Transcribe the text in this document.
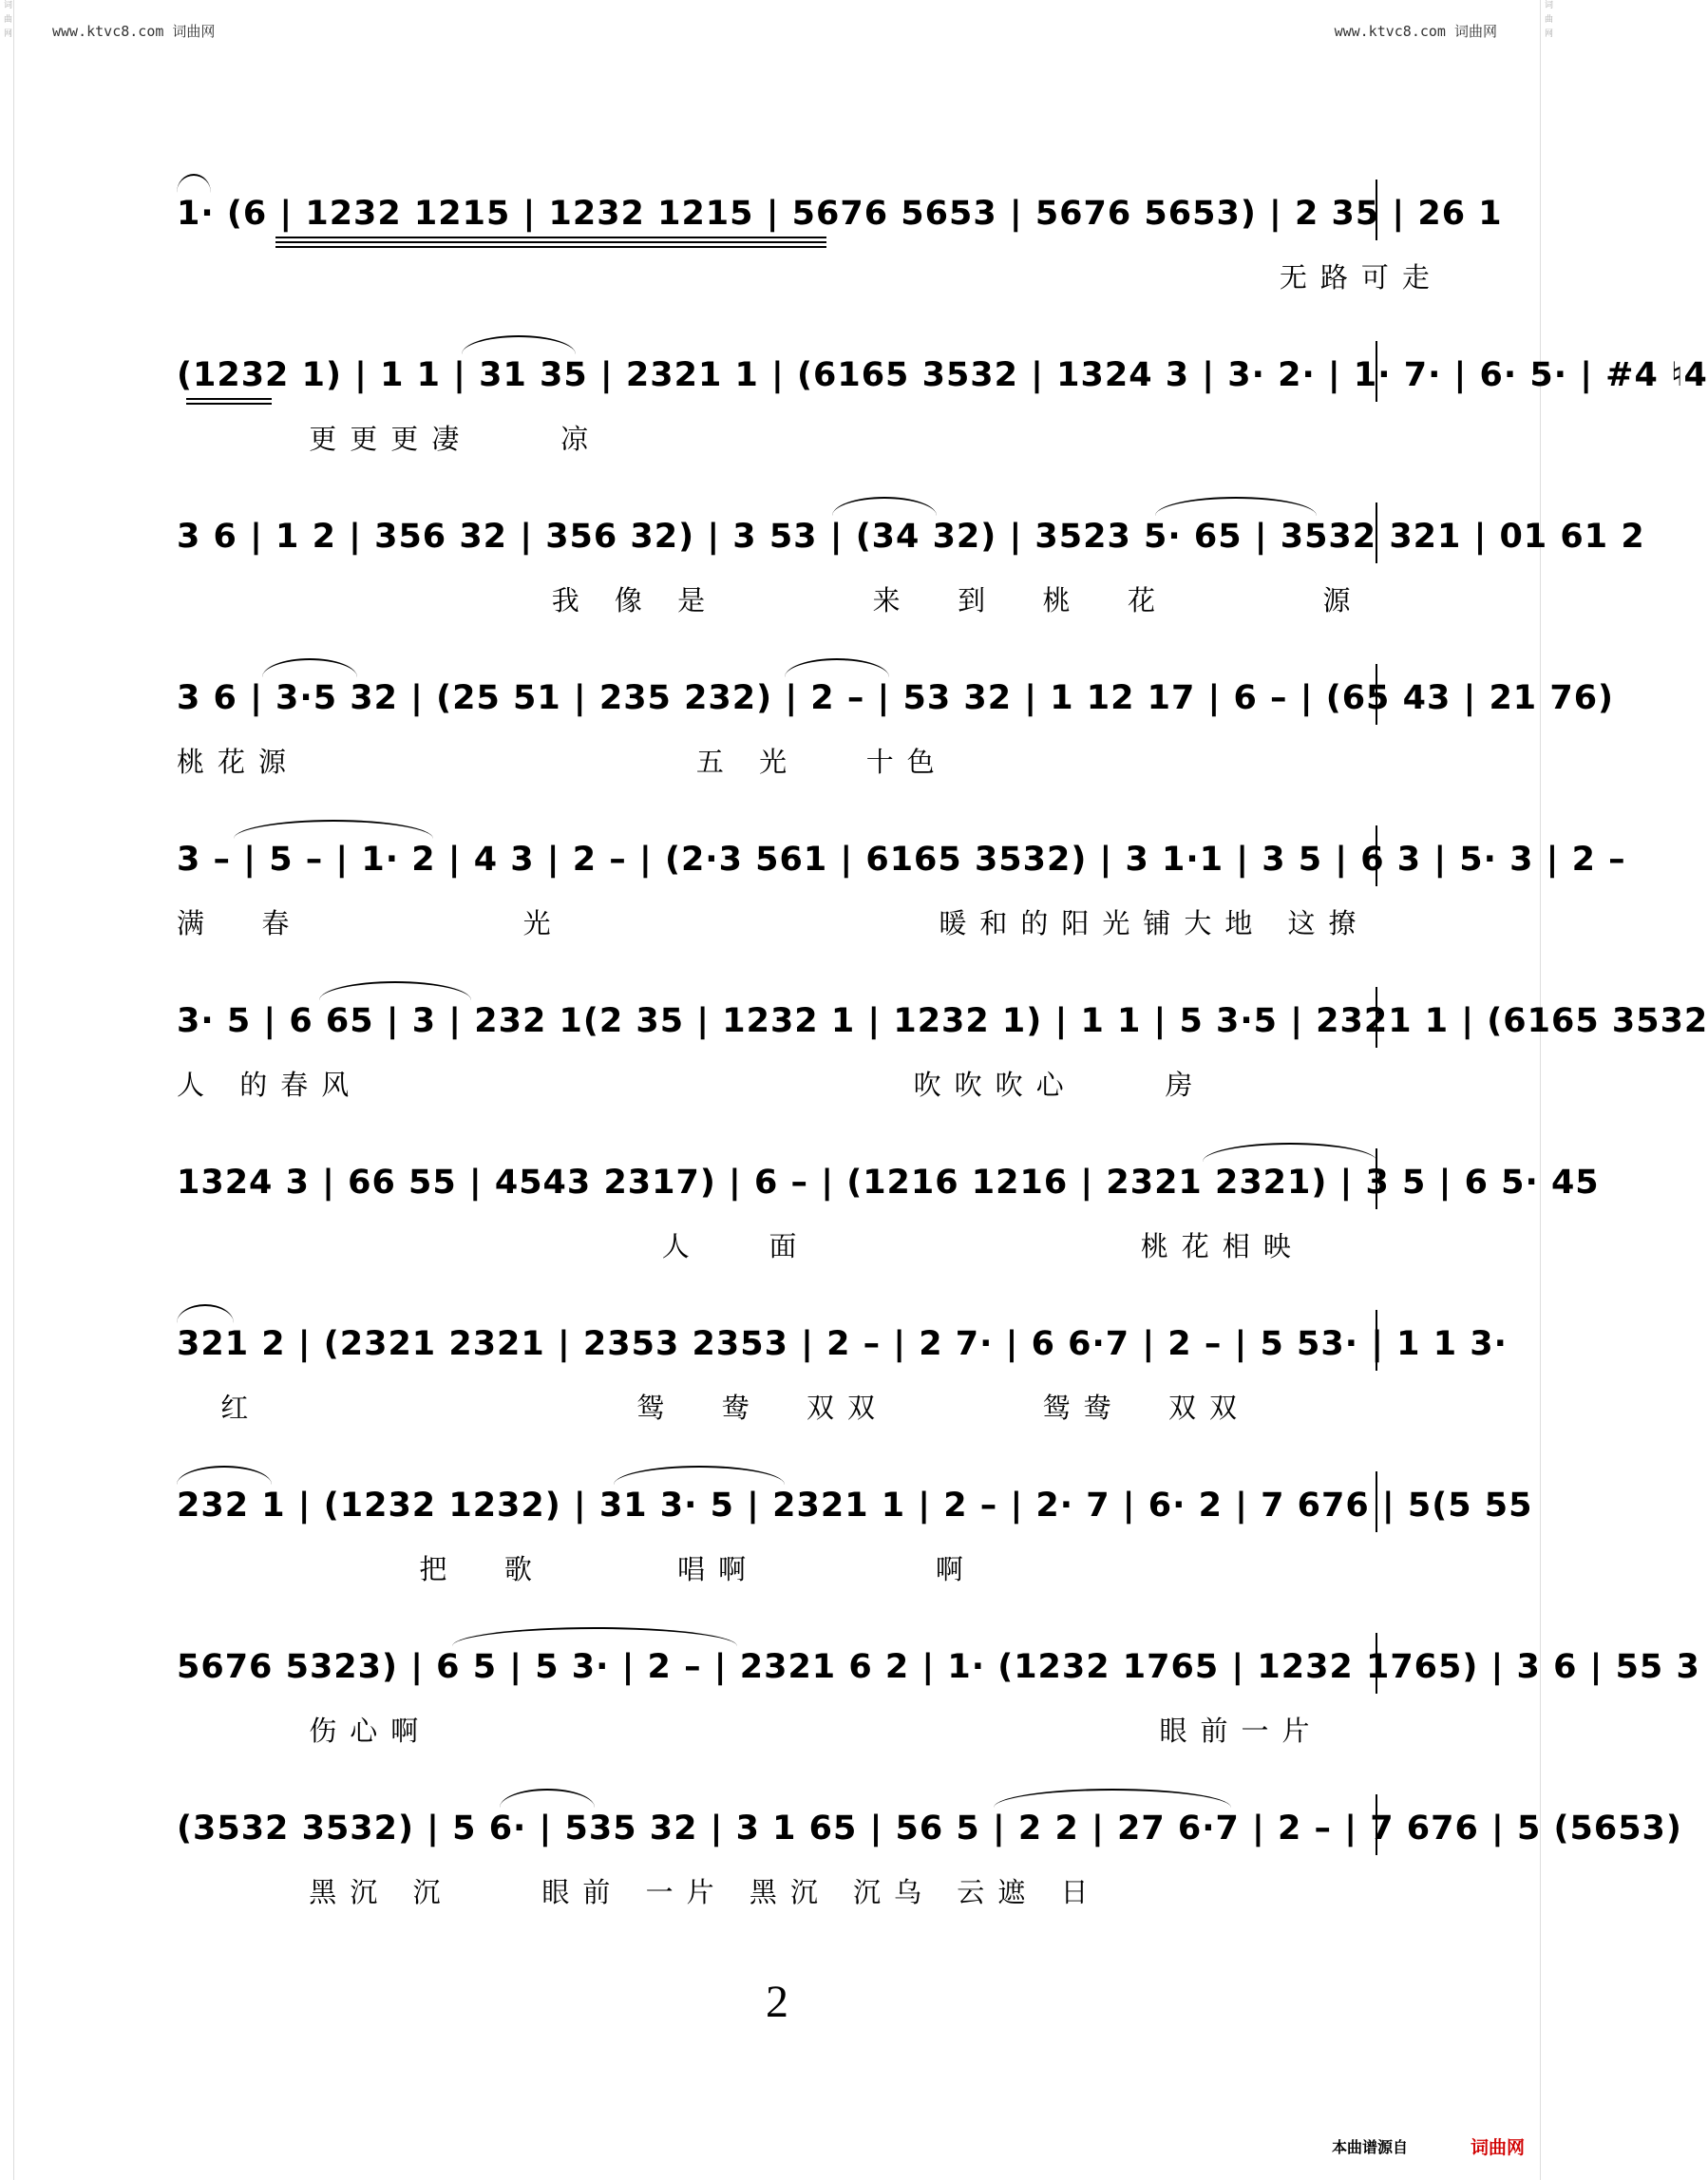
www.ktvc8.com 词曲网	www.ktvc8.com 词曲网
词曲网	词曲网
1· (6 | 1232 1215 | 1232 1215 | 5676 5653 | 5676 5653) | 2 35 | 26 1
无路可走
(1232 1) | 1 1 | 31 35 | 2321 1 | (6165 3532 | 1324 3 | 3· 2· | 1· 7· | 6· 5· | #4 ♮4
更更更凄    凉
3 6 | 1 2 | 356 32 | 356 32) | 3 53 | (34 32) | 3523 5· 65 | 3532 321 | 01 61 2
我 像 是       来  到  桃  花       源
3 6 | 3·5 32 | (25 51 | 235 232) | 2 – | 53 32 | 1 12 17 | 6 – | (65 43 | 21 76)
桃花源                  五 光   十色
3 – | 5 – | 1· 2 | 4 3 | 2 – | (2·3 561 | 6165 3532) | 3 1·1 | 3 5 | 6 3 | 5· 3 | 2 –
满  春          光                 暖和的阳光铺大地 这撩
3· 5 | 6 65 | 3 | 232 1(2 35 | 1232 1 | 1232 1) | 1 1 | 5 3·5 | 2321 1 | (6165 3532
人 的春风                         吹吹吹心    房
1324 3 | 66 55 | 4543 2317) | 6 – | (1216 1216 | 2321 2321) | 3 5 | 6 5· 45
人   面               桃花相映
321 2 | (2321 2321 | 2353 2353 | 2 – | 2 7· | 6 6·7 | 2 – | 5 53· | 1 1 3·
红                 鸳  鸯  双双       鸳鸯  双双
232 1 | (1232 1232) | 31 3· 5 | 2321 1 | 2 – | 2· 7 | 6· 2 | 7 676 | 5(5 55
把  歌      唱啊        啊
5676 5323) | 6 5 | 5 3· | 2 – | 2321 6 2 | 1· (1232 1765 | 1232 1765) | 3 6 | 55 3
伤心啊                                 眼前一片
(3532 3532) | 5 6· | 535 32 | 3 1 65 | 56 5 | 2 2 | 27 6·7 | 2 – | 7 676 | 5 (5653)
黑沉 沉    眼前 一片 黑沉 沉乌 云遮 日
2
本曲谱源自	词曲网
